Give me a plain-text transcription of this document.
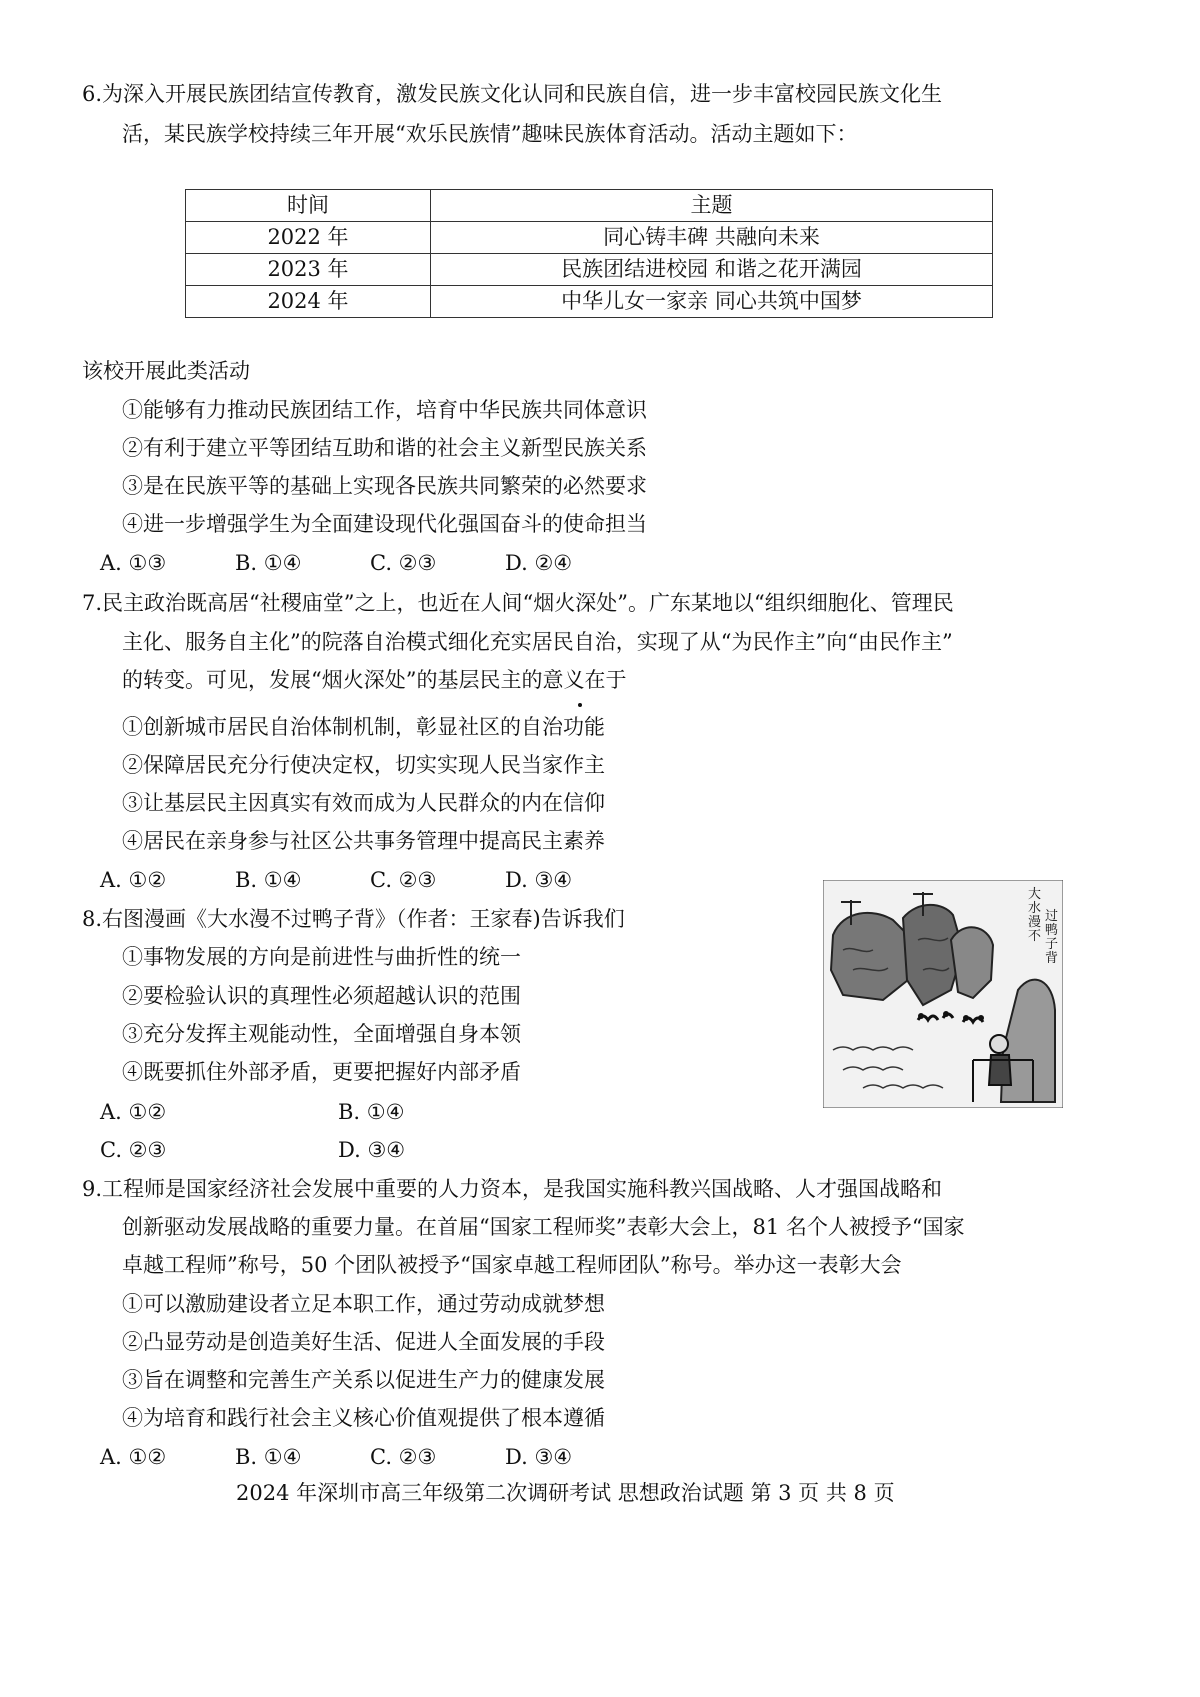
6.为深入开展民族团结宣传教育，激发民族文化认同和民族自信，进一步丰富校园民族文化生
活，某民族学校持续三年开展“欢乐民族情”趣味民族体育活动。活动主题如下：
时间	主题
2022 年	同心铸丰碑 共融向未来
2023 年	民族团结进校园 和谐之花开满园
2024 年	中华儿女一家亲 同心共筑中国梦
该校开展此类活动
①能够有力推动民族团结工作，培育中华民族共同体意识
②有利于建立平等团结互助和谐的社会主义新型民族关系
③是在民族平等的基础上实现各民族共同繁荣的必然要求
④进一步增强学生为全面建设现代化强国奋斗的使命担当
A. ①③	B. ①④	C. ②③	D. ②④
7.民主政治既高居“社稷庙堂”之上，也近在人间“烟火深处”。广东某地以“组织细胞化、管理民
主化、服务自主化”的院落自治模式细化充实居民自治，实现了从“为民作主”向“由民作主”
的转变。可见，发展“烟火深处”的基层民主的意义在于
①创新城市居民自治体制机制，彰显社区的自治功能
②保障居民充分行使决定权，切实实现人民当家作主
③让基层民主因真实有效而成为人民群众的内在信仰
④居民在亲身参与社区公共事务管理中提高民主素养
A. ①②	B. ①④	C. ②③	D. ③④
8.右图漫画《大水漫不过鸭子背》（作者：王家春)告诉我们
①事物发展的方向是前进性与曲折性的统一
②要检验认识的真理性必须超越认识的范围
③充分发挥主观能动性，全面增强自身本领
④既要抓住外部矛盾，更要把握好内部矛盾
A. ①②	B. ①④
C. ②③	D. ③④
大
水
漫
不
过
鸭
子
背
9.工程师是国家经济社会发展中重要的人力资本，是我国实施科教兴国战略、人才强国战略和
创新驱动发展战略的重要力量。在首届“国家工程师奖”表彰大会上，81 名个人被授予“国家
卓越工程师”称号，50 个团队被授予“国家卓越工程师团队”称号。举办这一表彰大会
①可以激励建设者立足本职工作，通过劳动成就梦想
②凸显劳动是创造美好生活、促进人全面发展的手段
③旨在调整和完善生产关系以促进生产力的健康发展
④为培育和践行社会主义核心价值观提供了根本遵循
A. ①②	B. ①④	C. ②③	D. ③④
2024 年深圳市高三年级第二次调研考试 思想政治试题 第 3 页 共 8 页
